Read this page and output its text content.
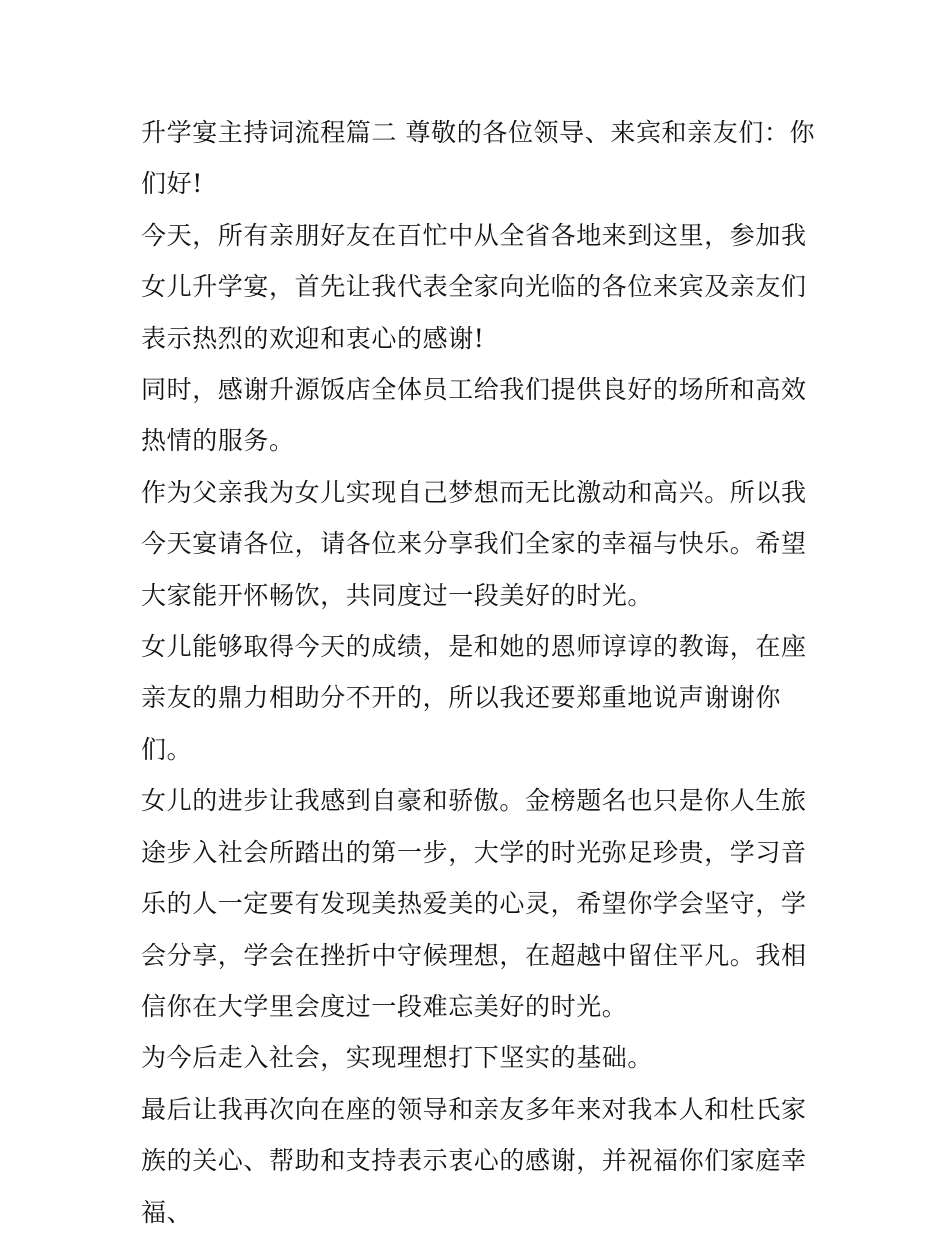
升学宴主持词流程篇二 尊敬的各位领导、来宾和亲友们：你们好!

今天，所有亲朋好友在百忙中从全省各地来到这里，参加我女儿升学宴，首先让我代表全家向光临的各位来宾及亲友们表示热烈的欢迎和衷心的感谢!

同时，感谢升源饭店全体员工给我们提供良好的场所和高效热情的服务。

作为父亲我为女儿实现自己梦想而无比激动和高兴。所以我今天宴请各位，请各位来分享我们全家的幸福与快乐。希望大家能开怀畅饮，共同度过一段美好的时光。

女儿能够取得今天的成绩，是和她的恩师谆谆的教诲，在座亲友的鼎力相助分不开的，所以我还要郑重地说声谢谢你们。

女儿的进步让我感到自豪和骄傲。金榜题名也只是你人生旅途步入社会所踏出的第一步，大学的时光弥足珍贵，学习音乐的人一定要有发现美热爱美的心灵，希望你学会坚守，学会分享，学会在挫折中守候理想，在超越中留住平凡。我相信你在大学里会度过一段难忘美好的时光。

为今后走入社会，实现理想打下坚实的基础。

最后让我再次向在座的领导和亲友多年来对我本人和杜氏家族的关心、帮助和支持表示衷心的感谢，并祝福你们家庭幸福、
